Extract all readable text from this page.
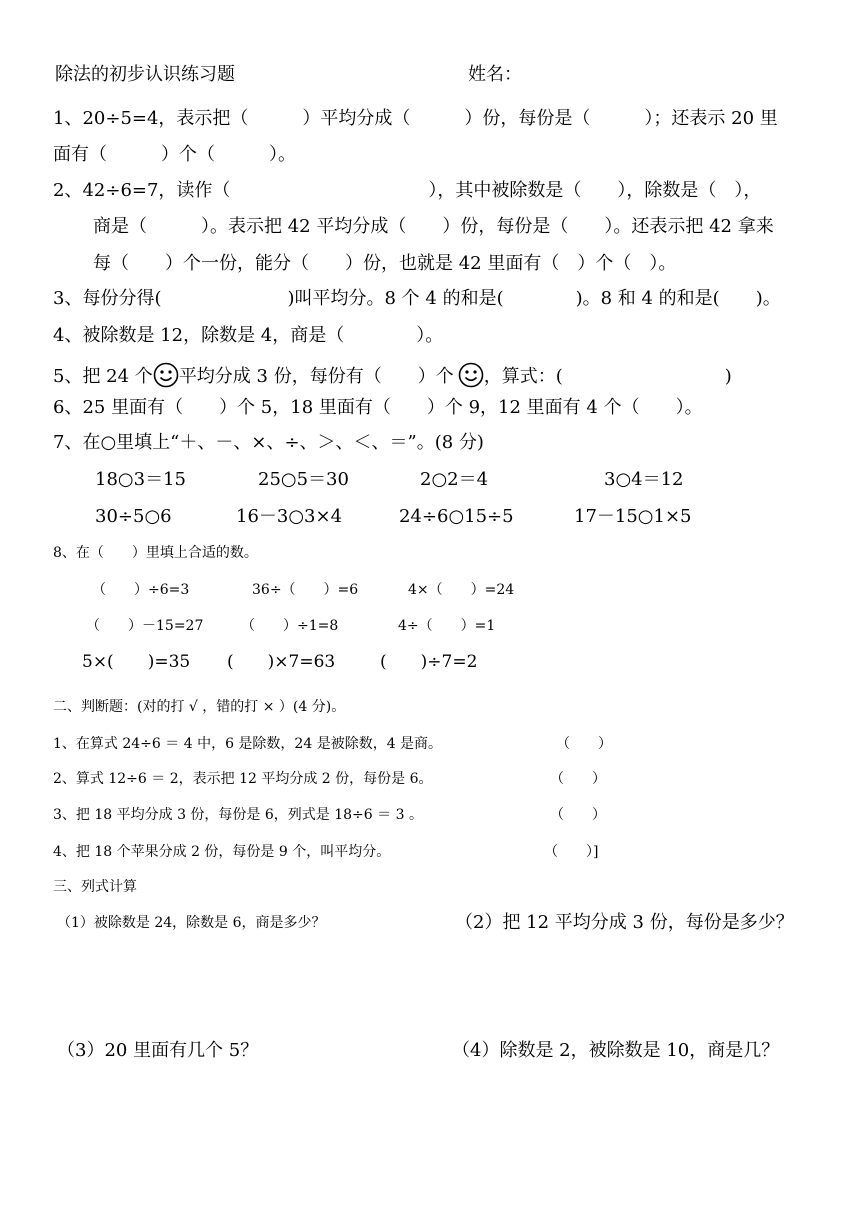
除法的初步认识练习题	姓名：
1、20÷5=4，表示把（　　　）平均分成（　　　）份，每份是（　　　）；还表示 20 里
面有（　　　）个（　　　）。
2、42÷6=7，读作（　　　　　　　　　　　），其中被除数是（　　），除数是（　），
商是（　　　）。表示把 42 平均分成（　　）份，每份是（　　）。还表示把 42 拿来
每（　　）个一份，能分（　　）份，也就是 42 里面有（　）个（　）。
3、每份分得(　　　　　　　)叫平均分。8 个 4 的和是(　　　　)。8 和 4 的和是(　　)。
4、被除数是 12，除数是 4，商是（　　　　）。
5、把 24 个 平均分成 3 份，每份有（　　）个 ，算式：(　　　　　　　　　)
6、25 里面有（　　）个 5，18 里面有（　　）个 9，12 里面有 4 个（　　）。
7、在○里填上“＋、－、×、÷、＞、＜、＝”。(8 分)
18○3＝15	25○5＝30	2○2＝4	3○4＝12
30÷5○6	16－3○3×4	24÷6○15÷5	17－15○1×5
8、在（　　）里填上合适的数。
（　　）÷6=3	36÷（　　）=6	4×（　　）=24
（　　）－15=27	（　　）÷1=8	4÷（　　）=1
5×(　　)=35 (　　)×7=63	(　　)÷7=2
二、判断题：(对的打 √ ，错的打 × ）(4 分)。
1、在算式 24÷6 ＝ 4 中，6 是除数，24 是被除数，4 是商。	（　　）
2、算式 12÷6 ＝ 2，表示把 12 平均分成 2 份，每份是 6。	（　　）
3、把 18 平均分成 3 份，每份是 6，列式是 18÷6 ＝ 3 。	（　　）
4、把 18 个苹果分成 2 份，每份是 9 个，叫平均分。	（　　）]
三、列式计算
（1）被除数是 24，除数是 6，商是多少？	（2）把 12 平均分成 3 份，每份是多少？
（3）20 里面有几个 5？	（4）除数是 2，被除数是 10，商是几？
